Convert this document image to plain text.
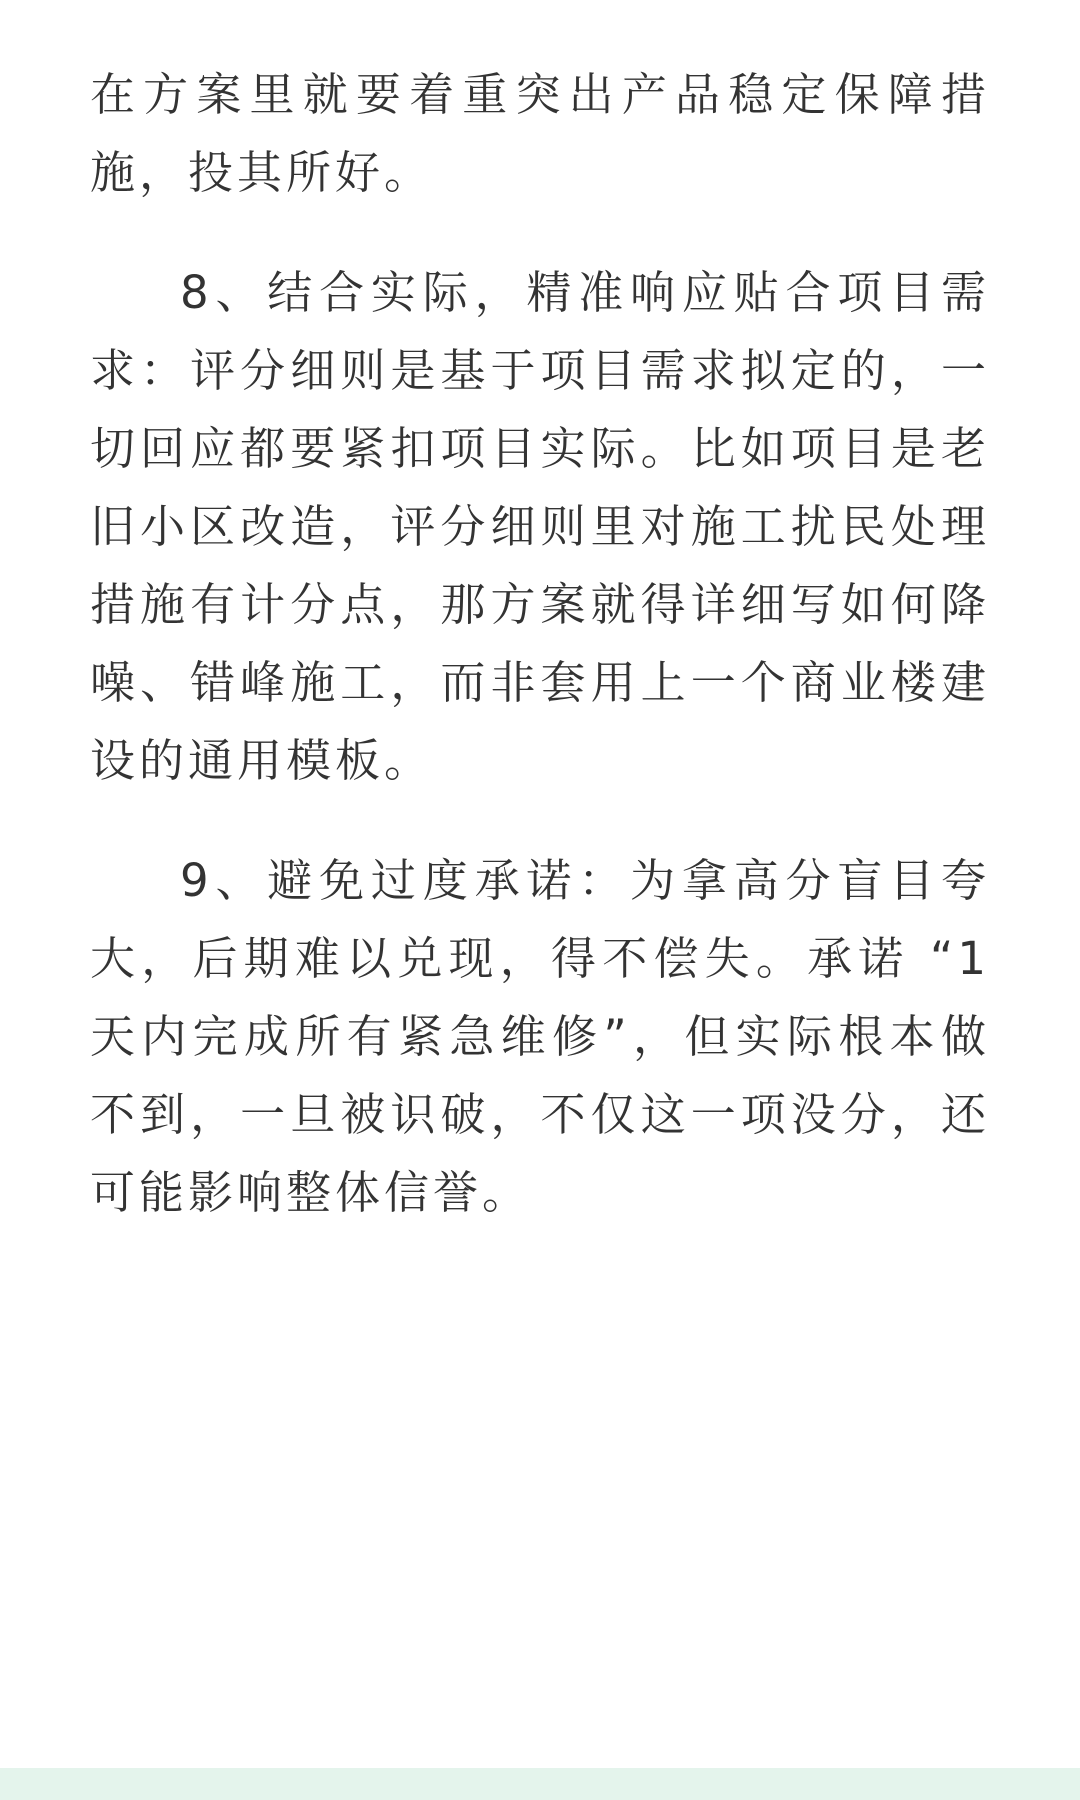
在方案里就要着重突出产品稳定保障措施，投其所好。

8、结合实际，精准响应贴合项目需求：评分细则是基于项目需求拟定的，一切回应都要紧扣项目实际。比如项目是老旧小区改造，评分细则里对施工扰民处理措施有计分点，那方案就得详细写如何降噪、错峰施工，而非套用上一个商业楼建设的通用模板。

9、避免过度承诺：为拿高分盲目夸大，后期难以兑现，得不偿失。承诺 “1天内完成所有紧急维修”，但实际根本做不到，一旦被识破，不仅这一项没分，还可能影响整体信誉。
